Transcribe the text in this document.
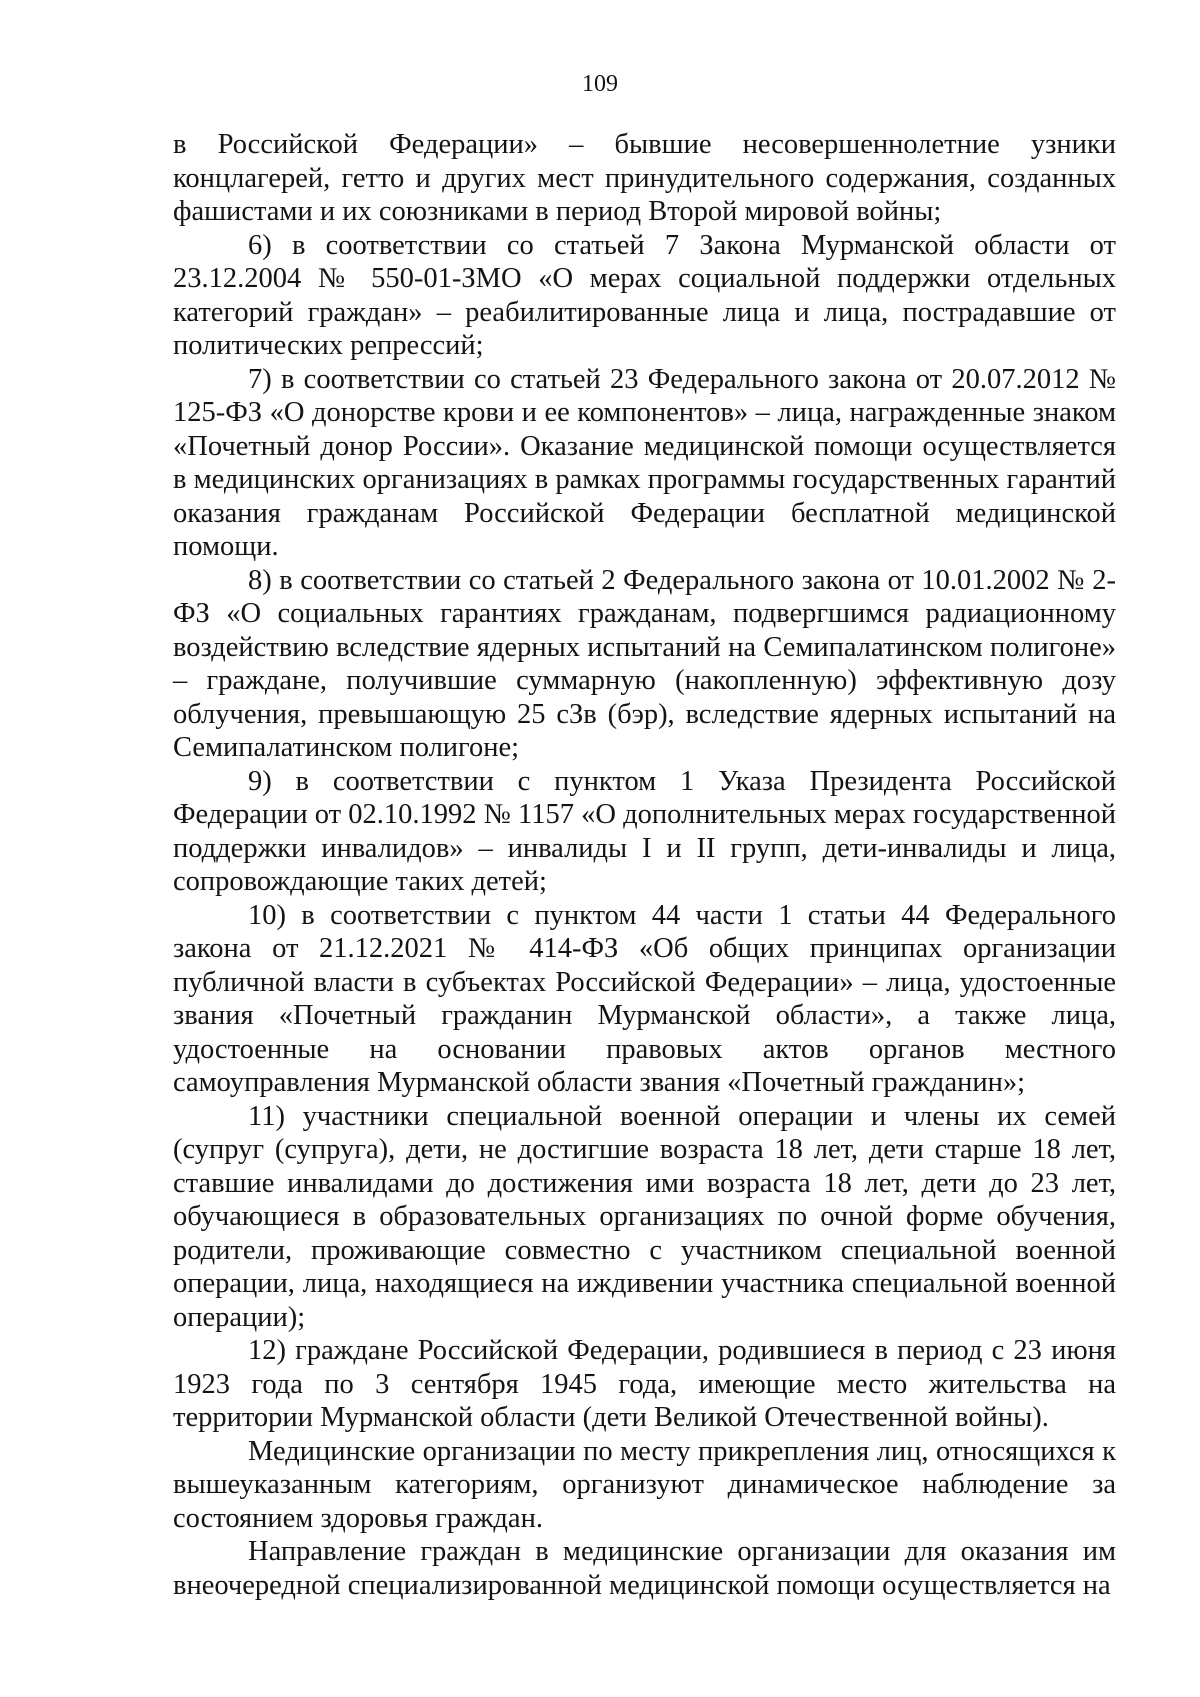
109

в Российской Федерации» – бывшие несовершеннолетние узники концлагерей, гетто и других мест принудительного содержания, созданных фашистами и их союзниками в период Второй мировой войны;

6) в соответствии со статьей 7 Закона Мурманской области от 23.12.2004 № 550-01-ЗМО «О мерах социальной поддержки отдельных категорий граждан» – реабилитированные лица и лица, пострадавшие от политических репрессий;

7) в соответствии со статьей 23 Федерального закона от 20.07.2012 № 125-ФЗ «О донорстве крови и ее компонентов» – лица, награжденные знаком «Почетный донор России». Оказание медицинской помощи осуществляется в медицинских организациях в рамках программы государственных гарантий оказания гражданам Российской Федерации бесплатной медицинской помощи.

8) в соответствии со статьей 2 Федерального закона от 10.01.2002 № 2-ФЗ «О социальных гарантиях гражданам, подвергшимся радиационному воздействию вследствие ядерных испытаний на Семипалатинском полигоне» – граждане, получившие суммарную (накопленную) эффективную дозу облучения, превышающую 25 сЗв (бэр), вследствие ядерных испытаний на Семипалатинском полигоне;

9) в соответствии с пунктом 1 Указа Президента Российской Федерации от 02.10.1992 № 1157 «О дополнительных мерах государственной поддержки инвалидов» – инвалиды I и II групп, дети-инвалиды и лица, сопровождающие таких детей;

10) в соответствии с пунктом 44 части 1 статьи 44 Федерального закона от 21.12.2021 № 414-ФЗ «Об общих принципах организации публичной власти в субъектах Российской Федерации» – лица, удостоенные звания «Почетный гражданин Мурманской области», а также лица, удостоенные на основании правовых актов органов местного самоуправления Мурманской области звания «Почетный гражданин»;

11) участники специальной военной операции и члены их семей (супруг (супруга), дети, не достигшие возраста 18 лет, дети старше 18 лет, ставшие инвалидами до достижения ими возраста 18 лет, дети до 23 лет, обучающиеся в образовательных организациях по очной форме обучения, родители, проживающие совместно с участником специальной военной операции, лица, находящиеся на иждивении участника специальной военной операции);

12) граждане Российской Федерации, родившиеся в период с 23 июня 1923 года по 3 сентября 1945 года, имеющие место жительства на территории Мурманской области (дети Великой Отечественной войны).

Медицинские организации по месту прикрепления лиц, относящихся к вышеуказанным категориям, организуют динамическое наблюдение за состоянием здоровья граждан.

Направление граждан в медицинские организации для оказания им внеочередной специализированной медицинской помощи осуществляется на
